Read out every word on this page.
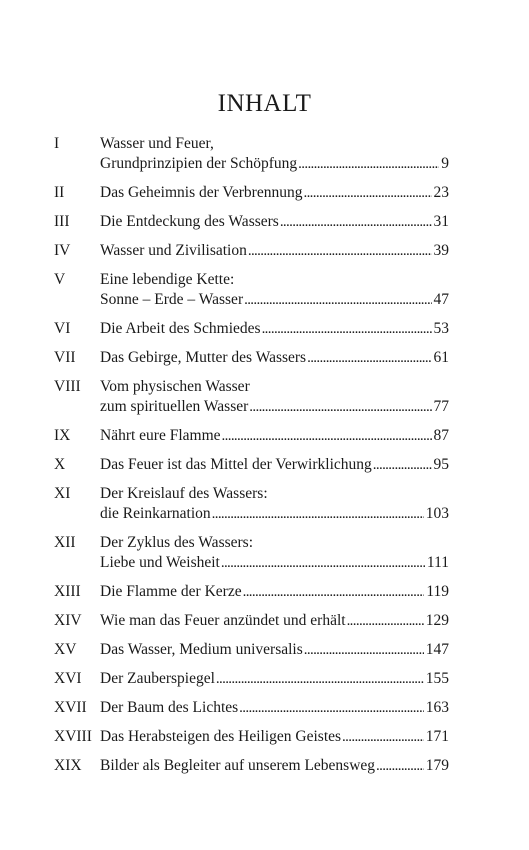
INHALT
I	Wasser und Feuer,
Grundprinzipien der Schöpfung . . .	9
II	Das Geheimnis der Verbrennung . . .	23
III	Die Entdeckung des Wassers . . .	31
IV	Wasser und Zivilisation . . .	39
V	Eine lebendige Kette:
Sonne – Erde – Wasser . . .	47
VI	Die Arbeit des Schmiedes . . .	53
VII	Das Gebirge, Mutter des Wassers . . .	61
VIII	Vom physischen Wasser
zum spirituellen Wasser . . .	77
IX	Nährt eure Flamme . . .	87
X	Das Feuer ist das Mittel der Verwirklichung . . .	95
XI	Der Kreislauf des Wassers:
die Reinkarnation . . .	103
XII	Der Zyklus des Wassers:
Liebe und Weisheit . . .	111
XIII	Die Flamme der Kerze . . .	119
XIV	Wie man das Feuer anzündet und erhält . . .	129
XV	Das Wasser, Medium universalis . . .	147
XVI	Der Zauberspiegel . . .	155
XVII Der Baum des Lichtes . . .	163
XVIII Das Herabsteigen des Heiligen Geistes . . .	171
XIX	Bilder als Begleiter auf unserem Lebensweg . . .	179
